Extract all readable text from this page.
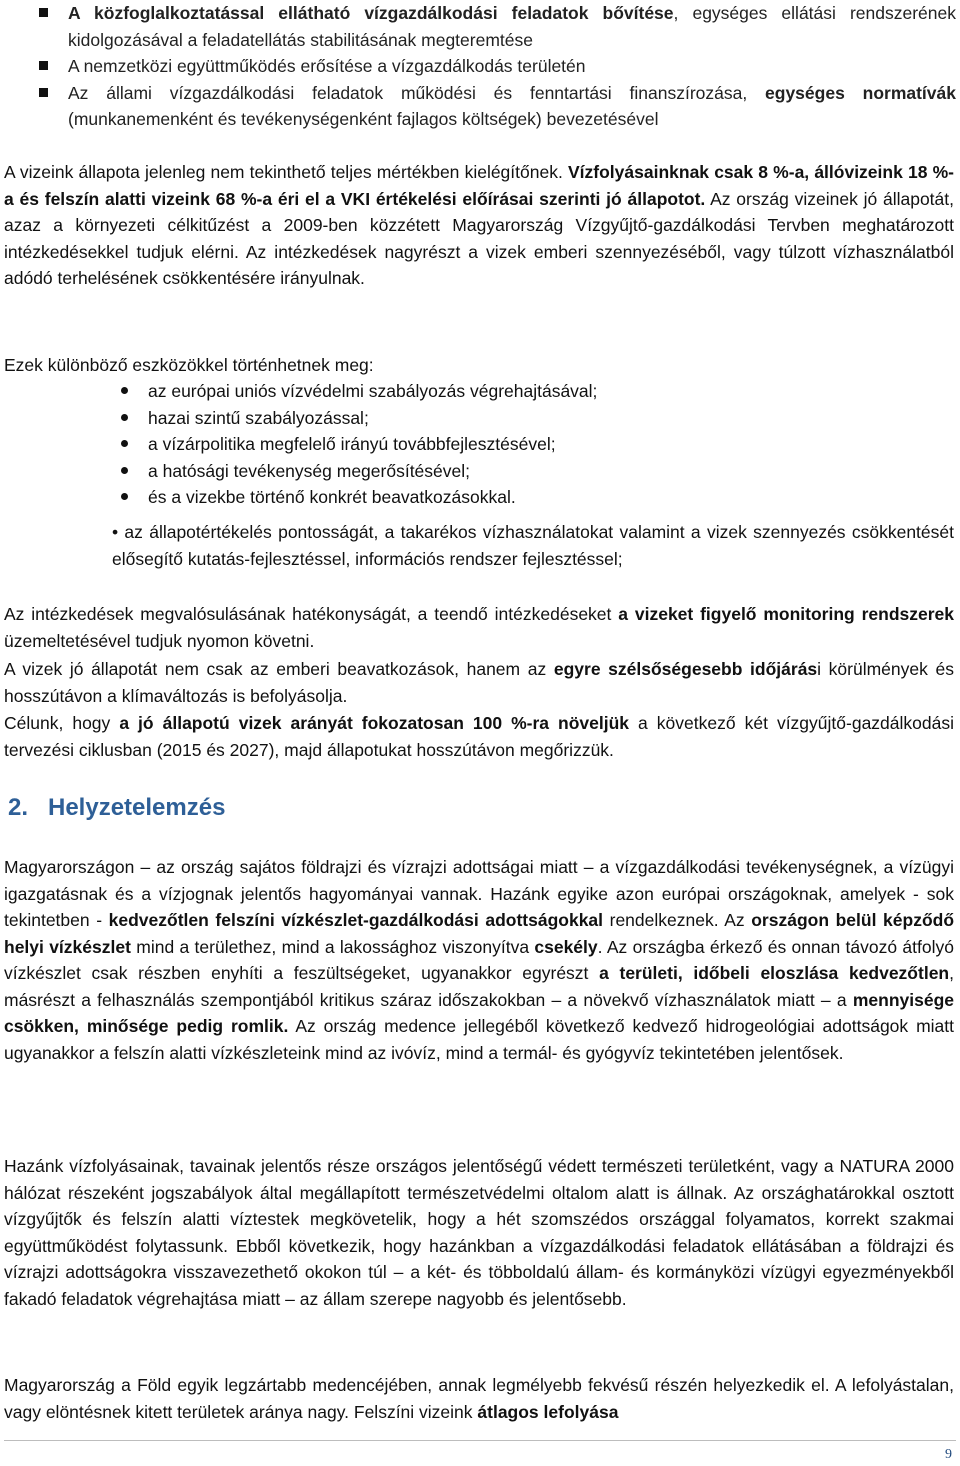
A közfoglalkoztatással ellátható vízgazdálkodási feladatok bővítése, egységes ellátási rendszerének kidolgozásával a feladatellátás stabilitásának megteremtése
A nemzetközi együttműködés erősítése a vízgazdálkodás területén
Az állami vízgazdálkodási feladatok működési és fenntartási finanszírozása, egységes normatívák (munkanemenként és tevékenységenként fajlagos költségek) bevezetésével

A vizeink állapota jelenleg nem tekinthető teljes mértékben kielégítőnek. Vízfolyásainknak csak 8 %-a, állóvizeink 18 %-a és felszín alatti vizeink 68 %-a éri el a VKI értékelési előírásai szerinti jó állapotot. Az ország vizeinek jó állapotát, azaz a környezeti célkitűzést a 2009-ben közzétett Magyarország Vízgyűjtő-gazdálkodási Tervben meghatározott intézkedésekkel tudjuk elérni. Az intézkedések nagyrészt a vizek emberi szennyezéséből, vagy túlzott vízhasználatból adódó terhelésének csökkentésére irányulnak.

Ezek különböző eszközökkel történhetnek meg:

az európai uniós vízvédelmi szabályozás végrehajtásával;
hazai szintű szabályozással;
a vízárpolitika megfelelő irányú továbbfejlesztésével;
a hatósági tevékenység megerősítésével;
és a vizekbe történő konkrét beavatkozásokkal.

• az állapotértékelés pontosságát, a takarékos vízhasználatokat valamint a vizek szennyezés csökkentését elősegítő kutatás-fejlesztéssel, információs rendszer fejlesztéssel;

Az intézkedések megvalósulásának hatékonyságát, a teendő intézkedéseket a vizeket figyelő monitoring rendszerek üzemeltetésével tudjuk nyomon követni.

A vizek jó állapotát nem csak az emberi beavatkozások, hanem az egyre szélsőségesebb időjárási körülmények és hosszútávon a klímaváltozás is befolyásolja.

Célunk, hogy a jó állapotú vizek arányát fokozatosan 100 %-ra növeljük a következő két vízgyűjtő-gazdálkodási tervezési ciklusban (2015 és 2027), majd állapotukat hosszútávon megőrizzük.

2. Helyzetelemzés

Magyarországon – az ország sajátos földrajzi és vízrajzi adottságai miatt – a vízgazdálkodási tevékenységnek, a vízügyi igazgatásnak és a vízjognak jelentős hagyományai vannak. Hazánk egyike azon európai országoknak, amelyek - sok tekintetben - kedvezőtlen felszíni vízkészlet-gazdálkodási adottságokkal rendelkeznek. Az országon belül képződő helyi vízkészlet mind a területhez, mind a lakossághoz viszonyítva csekély. Az országba érkező és onnan távozó átfolyó vízkészlet csak részben enyhíti a feszültségeket, ugyanakkor egyrészt a területi, időbeli eloszlása kedvezőtlen, másrészt a felhasználás szempontjából kritikus száraz időszakokban – a növekvő vízhasználatok miatt – a mennyisége csökken, minősége pedig romlik. Az ország medence jellegéből következő kedvező hidrogeológiai adottságok miatt ugyanakkor a felszín alatti vízkészleteink mind az ivóvíz, mind a termál- és gyógyvíz tekintetében jelentősek.

Hazánk vízfolyásainak, tavainak jelentős része országos jelentőségű védett természeti területként, vagy a NATURA 2000 hálózat részeként jogszabályok által megállapított természetvédelmi oltalom alatt is állnak. Az országhatárokkal osztott vízgyűjtők és felszín alatti víztestek megkövetelik, hogy a hét szomszédos országgal folyamatos, korrekt szakmai együttműködést folytassunk. Ebből következik, hogy hazánkban a vízgazdálkodási feladatok ellátásában a földrajzi és vízrajzi adottságokra visszavezethető okokon túl – a két- és többoldalú állam- és kormányközi vízügyi egyezményekből fakadó feladatok végrehajtása miatt – az állam szerepe nagyobb és jelentősebb.

Magyarország a Föld egyik legzártabb medencéjében, annak legmélyebb fekvésű részén helyezkedik el. A lefolyástalan, vagy elöntésnek kitett területek aránya nagy. Felszíni vizeink átlagos lefolyása

9
